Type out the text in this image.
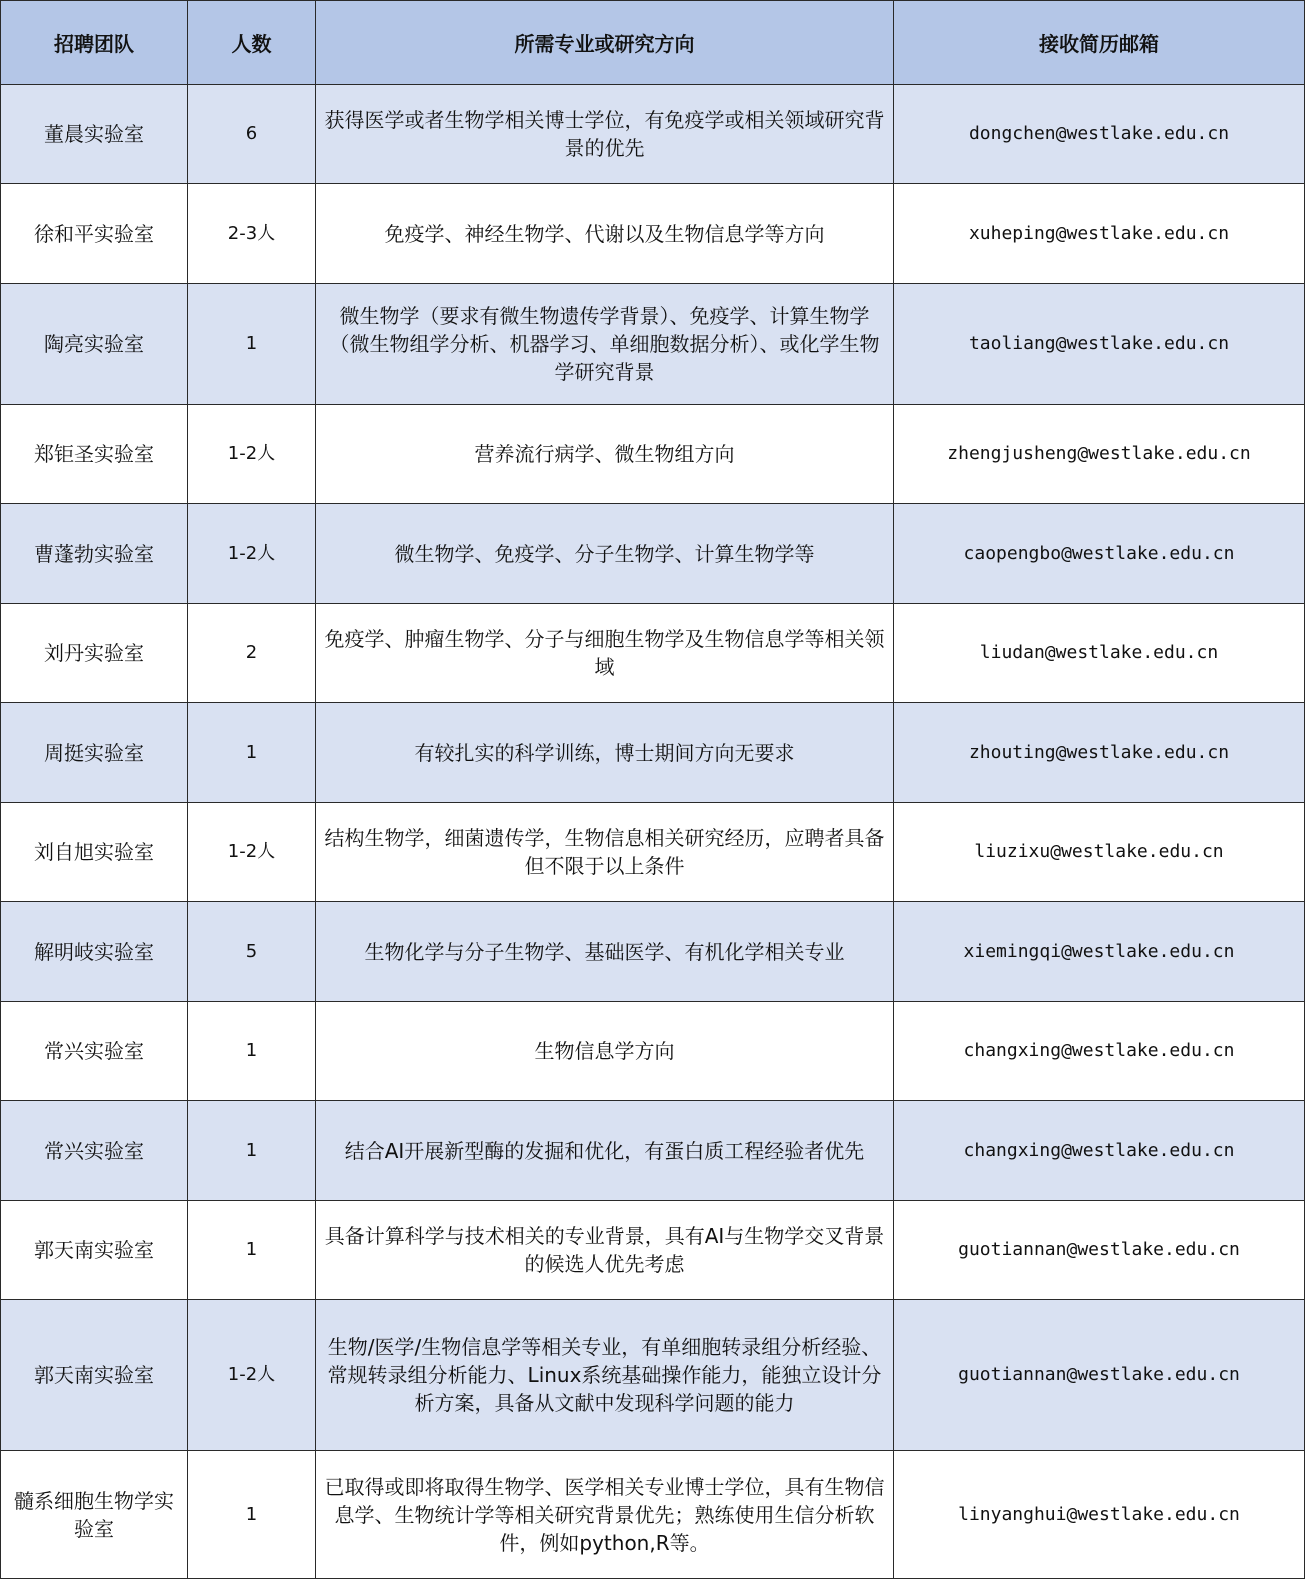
招聘团队	人数	所需专业或研究方向	接收简历邮箱
董晨实验室	6	获得医学或者生物学相关博士学位，有免疫学或相关领域研究背景的优先	dongchen@westlake.edu.cn
徐和平实验室	2-3人	免疫学、神经生物学、代谢以及生物信息学等方向	xuheping@westlake.edu.cn
陶亮实验室	1	微生物学（要求有微生物遗传学背景）、免疫学、计算生物学（微生物组学分析、机器学习、单细胞数据分析）、或化学生物学研究背景	taoliang@westlake.edu.cn
郑钜圣实验室	1-2人	营养流行病学、微生物组方向	zhengjusheng@westlake.edu.cn
曹蓬勃实验室	1-2人	微生物学、免疫学、分子生物学、计算生物学等	caopengbo@westlake.edu.cn
刘丹实验室	2	免疫学、肿瘤生物学、分子与细胞生物学及生物信息学等相关领域	liudan@westlake.edu.cn
周挺实验室	1	有较扎实的科学训练，博士期间方向无要求	zhouting@westlake.edu.cn
刘自旭实验室	1-2人	结构生物学，细菌遗传学，生物信息相关研究经历，应聘者具备但不限于以上条件	liuzixu@westlake.edu.cn
解明岐实验室	5	生物化学与分子生物学、基础医学、有机化学相关专业	xiemingqi@westlake.edu.cn
常兴实验室	1	生物信息学方向	changxing@westlake.edu.cn
常兴实验室	1	结合AI开展新型酶的发掘和优化，有蛋白质工程经验者优先	changxing@westlake.edu.cn
郭天南实验室	1	具备计算科学与技术相关的专业背景，具有AI与生物学交叉背景的候选人优先考虑	guotiannan@westlake.edu.cn
郭天南实验室	1-2人	生物/医学/生物信息学等相关专业，有单细胞转录组分析经验、常规转录组分析能力、Linux系统基础操作能力，能独立设计分析方案，具备从文献中发现科学问题的能力	guotiannan@westlake.edu.cn
髓系细胞生物学实验室	1	已取得或即将取得生物学、医学相关专业博士学位，具有生物信息学、生物统计学等相关研究背景优先；熟练使用生信分析软件，例如python,R等。	linyanghui@westlake.edu.cn
